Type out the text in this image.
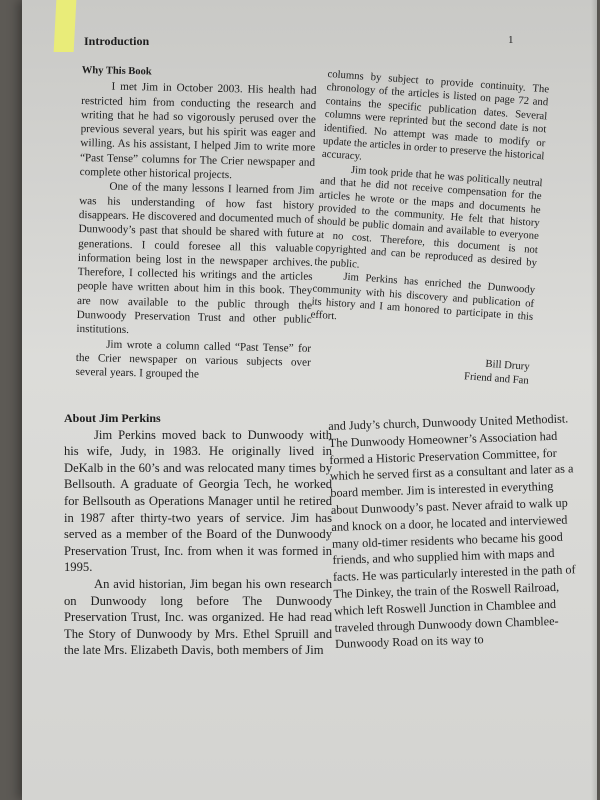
Introduction	1
Why This Book

I met Jim in October 2003. His health had restricted him from conducting the research and writing that he had so vigorously perused over the previous several years, but his spirit was eager and willing. As his assistant, I helped Jim to write more “Past Tense” columns for The Crier newspaper and complete other historical projects.

One of the many lessons I learned from Jim was his understanding of how fast history disappears. He discovered and documented much of Dunwoody’s past that should be shared with future generations. I could foresee all this valuable information being lost in the newspaper archives. Therefore, I collected his writings and the articles people have written about him in this book. They are now available to the public through the Dunwoody Preservation Trust and other public institutions.

Jim wrote a column called “Past Tense” for the Crier newspaper on various subjects over several years. I grouped the

columns by subject to provide continuity. The chronology of the articles is listed on page 72 and contains the specific publication dates. Several columns were reprinted but the second date is not identified. No attempt was made to modify or update the articles in order to preserve the historical accuracy.

Jim took pride that he was politically neutral and that he did not receive compensation for the articles he wrote or the maps and documents he provided to the community. He felt that history should be public domain and available to everyone at no cost. Therefore, this document is not copyrighted and can be reproduced as desired by the public.

Jim Perkins has enriched the Dunwoody community with his discovery and publication of its history and I am honored to participate in this effort.

Bill Drury
Friend and Fan
About Jim Perkins

Jim Perkins moved back to Dunwoody with his wife, Judy, in 1983. He originally lived in DeKalb in the 60’s and was relocated many times by Bellsouth. A graduate of Georgia Tech, he worked for Bellsouth as Operations Manager until he retired in 1987 after thirty-two years of service. Jim has served as a member of the Board of the Dunwoody Preservation Trust, Inc. from when it was formed in 1995.

An avid historian, Jim began his own research on Dunwoody long before The Dunwoody Preservation Trust, Inc. was organized. He had read The Story of Dunwoody by Mrs. Ethel Spruill and the late Mrs. Elizabeth Davis, both members of Jim

and Judy’s church, Dunwoody United Methodist. The Dunwoody Homeowner’s Association had formed a Historic Preservation Committee, for which he served first as a consultant and later as a board member. Jim is interested in everything about Dunwoody’s past. Never afraid to walk up and knock on a door, he located and interviewed many old-timer residents who became his good friends, and who supplied him with maps and facts. He was particularly interested in the path of The Dinkey, the train of the Roswell Railroad, which left Roswell Junction in Chamblee and traveled through Dunwoody down Chamblee-Dunwoody Road on its way to
